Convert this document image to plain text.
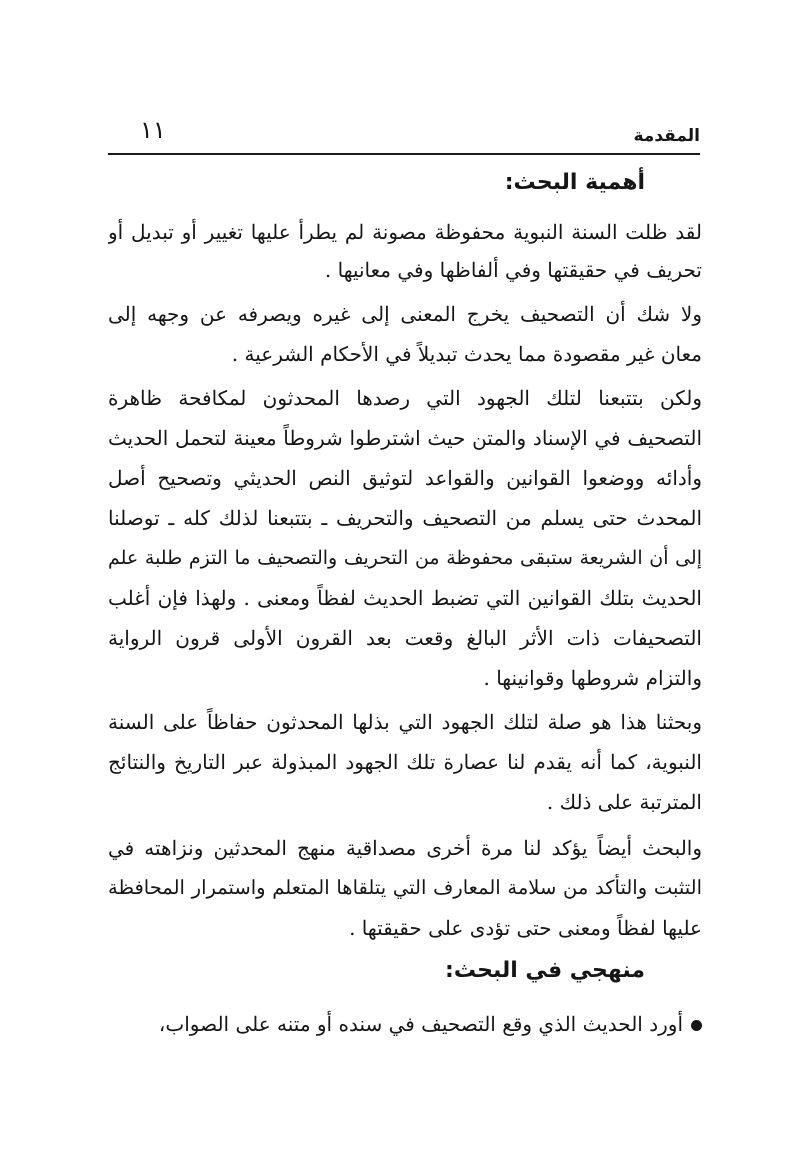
المقدمة
١١
أهمية البحث:
لقد ظلت السنة النبوية محفوظة مصونة لم يطرأ عليها تغيير أو تبديل أو
تحريف في حقيقتها وفي ألفاظها وفي معانيها .
ولا شك أن التصحيف يخرج المعنى إلى غيره ويصرفه عن وجهه إلى
معان غير مقصودة مما يحدث تبديلاً في الأحكام الشرعية .
ولكن بتتبعنا لتلك الجهود التي رصدها المحدثون لمكافحة ظاهرة
التصحيف في الإسناد والمتن حيث اشترطوا شروطاً معينة لتحمل الحديث
وأدائه ووضعوا القوانين والقواعد لتوثيق النص الحديثي وتصحيح أصل
المحدث حتى يسلم من التصحيف والتحريف ـ بتتبعنا لذلك كله ـ توصلنا
إلى أن الشريعة ستبقى محفوظة من التحريف والتصحيف ما التزم طلبة علم
الحديث بتلك القوانين التي تضبط الحديث لفظاً ومعنى . ولهذا فإن أغلب
التصحيفات ذات الأثر البالغ وقعت بعد القرون الأولى قرون الرواية
والتزام شروطها وقوانينها .
وبحثنا هذا هو صلة لتلك الجهود التي بذلها المحدثون حفاظاً على السنة
النبوية، كما أنه يقدم لنا عصارة تلك الجهود المبذولة عبر التاريخ والنتائج
المترتبة على ذلك .
والبحث أيضاً يؤكد لنا مرة أخرى مصداقية منهج المحدثين ونزاهته في
التثبت والتأكد من سلامة المعارف التي يتلقاها المتعلم واستمرار المحافظة
عليها لفظاً ومعنى حتى تؤدى على حقيقتها .
منهجي في البحث:
أورد الحديث الذي وقع التصحيف في سنده أو متنه على الصواب،
